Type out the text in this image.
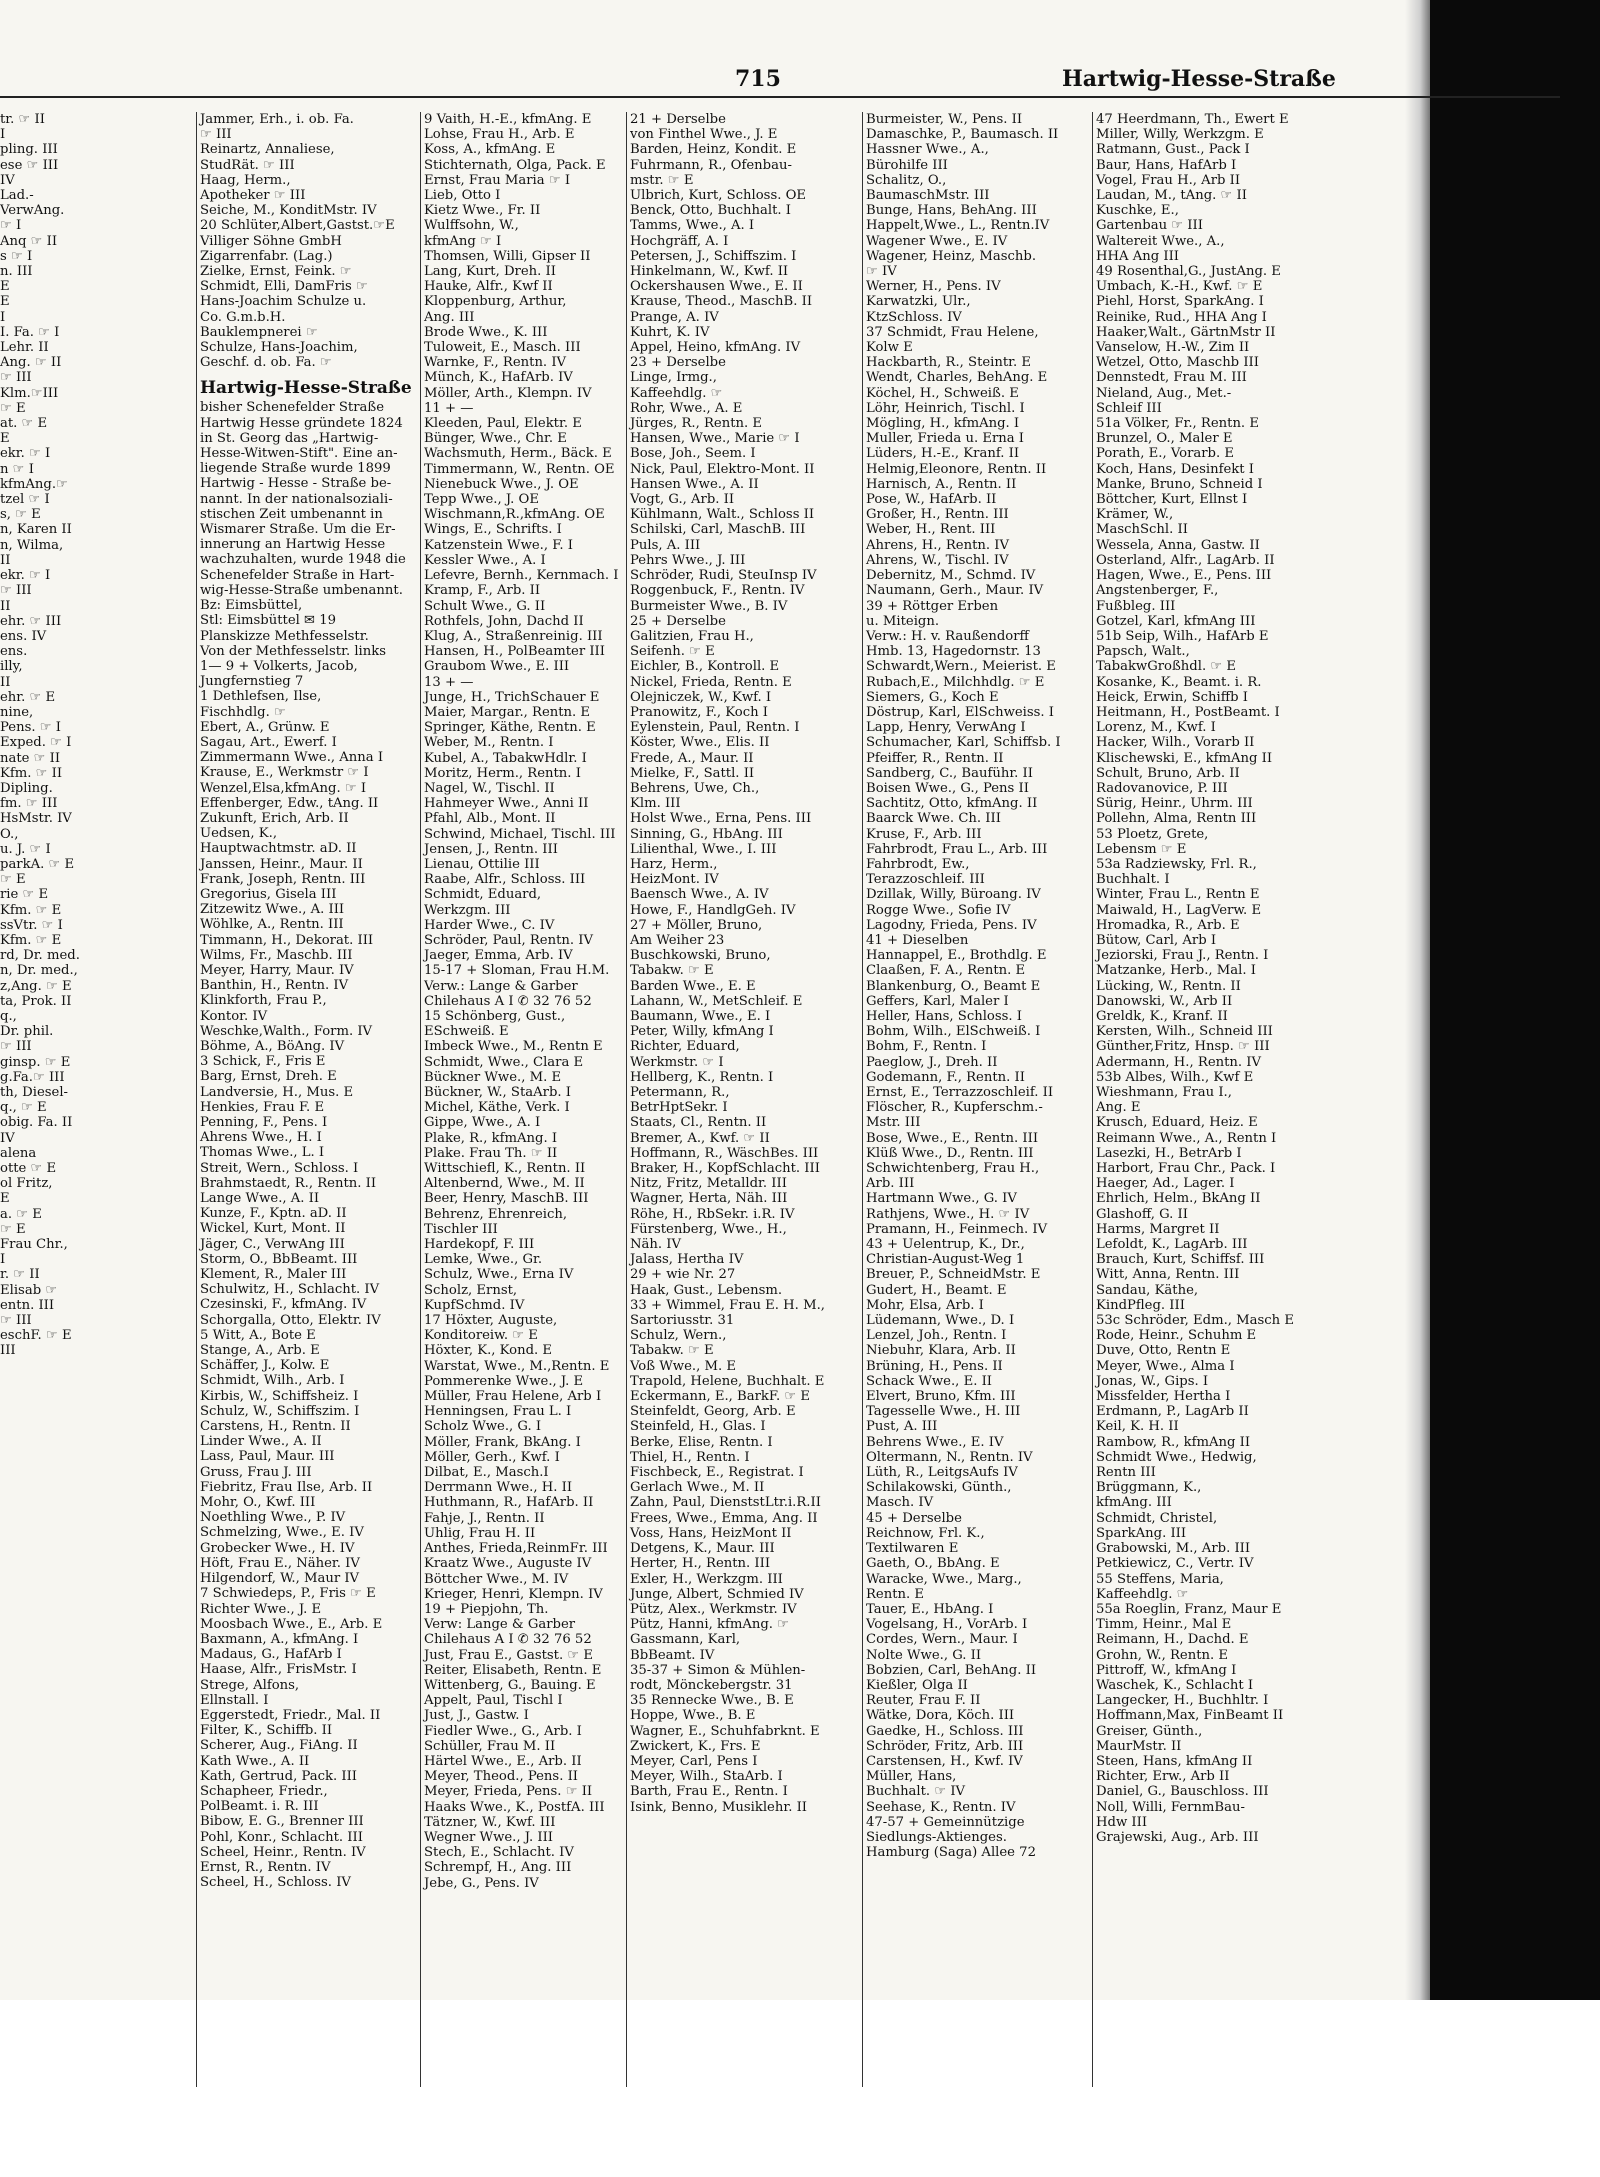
715	Hartwig-Hesse-Straße
tr. ☞ II
I
pling. III
ese ☞ III
IV
Lad.-
VerwAng.
☞ I
Anq ☞ II
s ☞ I
n. III
E
E
I
I. Fa. ☞ I
Lehr. II
Ang. ☞ II
☞ III
Klm.☞III
☞ E
at. ☞ E
E
ekr. ☞ I
n ☞ I
kfmAng.☞
tzel ☞ I
s, ☞ E
n, Karen II
n, Wilma,
II
ekr. ☞ I
☞ III
II
ehr. ☞ III
ens. IV
ens.
illy,
II
ehr. ☞ E
nine,
Pens. ☞ I
Exped. ☞ I
nate ☞ II
Kfm. ☞ II
Dipling.
fm. ☞ III
HsMstr. IV
O.,
u. J. ☞ I
parkA. ☞ E
☞ E
rie ☞ E
Kfm. ☞ E
ssVtr. ☞ I
Kfm. ☞ E
rd, Dr. med.
n, Dr. med.,
z,Ang. ☞ E
ta, Prok. II
q.,
Dr. phil.
☞ III
ginsp. ☞ E
g.Fa.☞ III
th, Diesel-
q., ☞ E
obig. Fa. II
IV
alena
otte ☞ E
ol Fritz,
E
a. ☞ E
☞ E
Frau Chr.,
I
r. ☞ II
Elisab ☞
entn. III
☞ III
eschF. ☞ E
III
Jammer, Erh., i. ob. Fa.
☞ III
Reinartz, Annaliese,
StudRät. ☞ III
Haag, Herm.,
Apotheker ☞ III
Seiche, M., KonditMstr. IV
20 Schlüter,Albert,Gastst.☞E
Villiger Söhne GmbH
Zigarrenfabr. (Lag.)
Zielke, Ernst, Feink. ☞
Schmidt, Elli, DamFris ☞
Hans-Joachim Schulze u.
Co. G.m.b.H.
Bauklempnerei ☞
Schulze, Hans-Joachim,
Geschf. d. ob. Fa. ☞
Hartwig-Hesse-Straße
bisher Schenefelder Straße
Hartwig Hesse gründete 1824
in St. Georg das „Hartwig-
Hesse-Witwen-Stift". Eine an-
liegende Straße wurde 1899
Hartwig - Hesse - Straße be-
nannt. In der nationalsoziali-
stischen Zeit umbenannt in
Wismarer Straße. Um die Er-
innerung an Hartwig Hesse
wachzuhalten, wurde 1948 die
Schenefelder Straße in Hart-
wig-Hesse-Straße umbenannt.
Bz: Eimsbüttel,
Stl: Eimsbüttel ✉ 19
Planskizze Methfesselstr.
Von der Methfesselstr. links
1— 9 + Volkerts, Jacob,
Jungfernstieg 7
1 Dethlefsen, Ilse,
Fischhdlg. ☞
Ebert, A., Grünw. E
Sagau, Art., Ewerf. I
Zimmermann Wwe., Anna I
Krause, E., Werkmstr ☞ I
Wenzel,Elsa,kfmAng. ☞ I
Effenberger, Edw., tAng. II
Zukunft, Erich, Arb. II
Uedsen, K.,
Hauptwachtmstr. aD. II
Janssen, Heinr., Maur. II
Frank, Joseph, Rentn. III
Gregorius, Gisela III
Zitzewitz Wwe., A. III
Wöhlke, A., Rentn. III
Timmann, H., Dekorat. III
Wilms, Fr., Maschb. III
Meyer, Harry, Maur. IV
Banthin, H., Rentn. IV
Klinkforth, Frau P.,
Kontor. IV
Weschke,Walth., Form. IV
Böhme, A., BöAng. IV
3 Schick, F., Fris E
Barg, Ernst, Dreh. E
Landversie, H., Mus. E
Henkies, Frau F. E
Penning, F., Pens. I
Ahrens Wwe., H. I
Thomas Wwe., L. I
Streit, Wern., Schloss. I
Brahmstaedt, R., Rentn. II
Lange Wwe., A. II
Kunze, F., Kptn. aD. II
Wickel, Kurt, Mont. II
Jäger, C., VerwAng III
Storm, O., BbBeamt. III
Klement, R., Maler III
Schulwitz, H., Schlacht. IV
Czesinski, F., kfmAng. IV
Schorgalla, Otto, Elektr. IV
5 Witt, A., Bote E
Stange, A., Arb. E
Schäffer, J., Kolw. E
Schmidt, Wilh., Arb. I
Kirbis, W., Schiffsheiz. I
Schulz, W., Schiffszim. I
Carstens, H., Rentn. II
Linder Wwe., A. II
Lass, Paul, Maur. III
Gruss, Frau J. III
Fiebritz, Frau Ilse, Arb. II
Mohr, O., Kwf. III
Noethling Wwe., P. IV
Schmelzing, Wwe., E. IV
Grobecker Wwe., H. IV
Höft, Frau E., Näher. IV
Hilgendorf, W., Maur IV
7 Schwiedeps, P., Fris ☞ E
Richter Wwe., J. E
Moosbach Wwe., E., Arb. E
Baxmann, A., kfmAng. I
Madaus, G., HafArb I
Haase, Alfr., FrisMstr. I
Strege, Alfons,
Ellnstall. I
Eggerstedt, Friedr., Mal. II
Filter, K., Schiffb. II
Scherer, Aug., FiAng. II
Kath Wwe., A. II
Kath, Gertrud, Pack. III
Schapheer, Friedr.,
PolBeamt. i. R. III
Bibow, E. G., Brenner III
Pohl, Konr., Schlacht. III
Scheel, Heinr., Rentn. IV
Ernst, R., Rentn. IV
Scheel, H., Schloss. IV
9 Vaith, H.-E., kfmAng. E
Lohse, Frau H., Arb. E
Koss, A., kfmAng. E
Stichternath, Olga, Pack. E
Ernst, Frau Maria ☞ I
Lieb, Otto I
Kietz Wwe., Fr. II
Wulffsohn, W.,
kfmAng ☞ I
Thomsen, Willi, Gipser II
Lang, Kurt, Dreh. II
Hauke, Alfr., Kwf II
Kloppenburg, Arthur,
Ang. III
Brode Wwe., K. III
Tuloweit, E., Masch. III
Warnke, F., Rentn. IV
Münch, K., HafArb. IV
Möller, Arth., Klempn. IV
11 + —
Kleeden, Paul, Elektr. E
Bünger, Wwe., Chr. E
Wachsmuth, Herm., Bäck. E
Timmermann, W., Rentn. OE
Nienebuck Wwe., J. OE
Tepp Wwe., J. OE
Wischmann,R.,kfmAng. OE
Wings, E., Schrifts. I
Katzenstein Wwe., F. I
Kessler Wwe., A. I
Lefevre, Bernh., Kernmach. I
Kramp, F., Arb. II
Schult Wwe., G. II
Rothfels, John, Dachd II
Klug, A., Straßenreinig. III
Hansen, H., PolBeamter III
Graubom Wwe., E. III
13 + —
Junge, H., TrichSchauer E
Maier, Margar., Rentn. E
Springer, Käthe, Rentn. E
Weber, M., Rentn. I
Kubel, A., TabakwHdlr. I
Moritz, Herm., Rentn. I
Nagel, W., Tischl. II
Hahmeyer Wwe., Anni II
Pfahl, Alb., Mont. II
Schwind, Michael, Tischl. III
Jensen, J., Rentn. III
Lienau, Ottilie III
Raabe, Alfr., Schloss. III
Schmidt, Eduard,
Werkzgm. III
Harder Wwe., C. IV
Schröder, Paul, Rentn. IV
Jaeger, Emma, Arb. IV
15-17 + Sloman, Frau H.M.
Verw.: Lange & Garber
Chilehaus A I ✆ 32 76 52
15 Schönberg, Gust.,
ESchweiß. E
Imbeck Wwe., M., Rentn E
Schmidt, Wwe., Clara E
Bückner Wwe., M. E
Bückner, W., StaArb. I
Michel, Käthe, Verk. I
Gippe, Wwe., A. I
Plake, R., kfmAng. I
Plake. Frau Th. ☞ II
Wittschiefl, K., Rentn. II
Altenbernd, Wwe., M. II
Beer, Henry, MaschB. III
Behrenz, Ehrenreich,
Tischler III
Hardekopf, F. III
Lemke, Wwe., Gr.
Schulz, Wwe., Erna IV
Scholz, Ernst,
KupfSchmd. IV
17 Höxter, Auguste,
Konditoreiw. ☞ E
Höxter, K., Kond. E
Warstat, Wwe., M.,Rentn. E
Pommerenke Wwe., J. E
Müller, Frau Helene, Arb I
Henningsen, Frau L. I
Scholz Wwe., G. I
Möller, Frank, BkAng. I
Möller, Gerh., Kwf. I
Dilbat, E., Masch.I
Derrmann Wwe., H. II
Huthmann, R., HafArb. II
Fahje, J., Rentn. II
Uhlig, Frau H. II
Anthes, Frieda,ReinmFr. III
Kraatz Wwe., Auguste IV
Böttcher Wwe., M. IV
Krieger, Henri, Klempn. IV
19 + Piepjohn, Th.
Verw: Lange & Garber
Chilehaus A I ✆ 32 76 52
Just, Frau E., Gastst. ☞ E
Reiter, Elisabeth, Rentn. E
Wittenberg, G., Bauing. E
Appelt, Paul, Tischl I
Just, J., Gastw. I
Fiedler Wwe., G., Arb. I
Schüller, Frau M. II
Härtel Wwe., E., Arb. II
Meyer, Theod., Pens. II
Meyer, Frieda, Pens. ☞ II
Haaks Wwe., K., PostfA. III
Tätzner, W., Kwf. III
Wegner Wwe., J. III
Stech, E., Schlacht. IV
Schrempf, H., Ang. III
Jebe, G., Pens. IV
21 + Derselbe
von Finthel Wwe., J. E
Barden, Heinz, Kondit. E
Fuhrmann, R., Ofenbau-
mstr. ☞ E
Ulbrich, Kurt, Schloss. OE
Benck, Otto, Buchhalt. I
Tamms, Wwe., A. I
Hochgräff, A. I
Petersen, J., Schiffszim. I
Hinkelmann, W., Kwf. II
Ockershausen Wwe., E. II
Krause, Theod., MaschB. II
Prange, A. IV
Kuhrt, K. IV
Appel, Heino, kfmAng. IV
23 + Derselbe
Linge, Irmg.,
Kaffeehdlg. ☞
Rohr, Wwe., A. E
Jürges, R., Rentn. E
Hansen, Wwe., Marie ☞ I
Bose, Joh., Seem. I
Nick, Paul, Elektro-Mont. II
Hansen Wwe., A. II
Vogt, G., Arb. II
Kühlmann, Walt., Schloss II
Schilski, Carl, MaschB. III
Puls, A. III
Pehrs Wwe., J. III
Schröder, Rudi, SteuInsp IV
Roggenbuck, F., Rentn. IV
Burmeister Wwe., B. IV
25 + Derselbe
Galitzien, Frau H.,
Seifenh. ☞ E
Eichler, B., Kontroll. E
Nickel, Frieda, Rentn. E
Olejniczek, W., Kwf. I
Pranowitz, F., Koch I
Eylenstein, Paul, Rentn. I
Köster, Wwe., Elis. II
Frede, A., Maur. II
Mielke, F., Sattl. II
Behrens, Uwe, Ch.,
Klm. III
Holst Wwe., Erna, Pens. III
Sinning, G., HbAng. III
Lilienthal, Wwe., I. III
Harz, Herm.,
HeizMont. IV
Baensch Wwe., A. IV
Howe, F., HandlgGeh. IV
27 + Möller, Bruno,
Am Weiher 23
Buschkowski, Bruno,
Tabakw. ☞ E
Barden Wwe., E. E
Lahann, W., MetSchleif. E
Baumann, Wwe., E. I
Peter, Willy, kfmAng I
Richter, Eduard,
Werkmstr. ☞ I
Hellberg, K., Rentn. I
Petermann, R.,
BetrHptSekr. I
Staats, Cl., Rentn. II
Bremer, A., Kwf. ☞ II
Hoffmann, R., WäschBes. III
Braker, H., KopfSchlacht. III
Nitz, Fritz, Metalldr. III
Wagner, Herta, Näh. III
Röhe, H., RbSekr. i.R. IV
Fürstenberg, Wwe., H.,
Näh. IV
Jalass, Hertha IV
29 + wie Nr. 27
Haak, Gust., Lebensm.
33 + Wimmel, Frau E. H. M.,
Sartoriusstr. 31
Schulz, Wern.,
Tabakw. ☞ E
Voß Wwe., M. E
Trapold, Helene, Buchhalt. E
Eckermann, E., BarkF. ☞ E
Steinfeldt, Georg, Arb. E
Steinfeld, H., Glas. I
Berke, Elise, Rentn. I
Thiel, H., Rentn. I
Fischbeck, E., Registrat. I
Gerlach Wwe., M. II
Zahn, Paul, DienststLtr.i.R.II
Frees, Wwe., Emma, Ang. II
Voss, Hans, HeizMont II
Detgens, K., Maur. III
Herter, H., Rentn. III
Exler, H., Werkzgm. III
Junge, Albert, Schmied IV
Pütz, Alex., Werkmstr. IV
Pütz, Hanni, kfmAng. ☞
Gassmann, Karl,
BbBeamt. IV
35-37 + Simon & Mühlen-
rodt, Mönckebergstr. 31
35 Rennecke Wwe., B. E
Hoppe, Wwe., B. E
Wagner, E., Schuhfabrknt. E
Zwickert, K., Frs. E
Meyer, Carl, Pens I
Meyer, Wilh., StaArb. I
Barth, Frau E., Rentn. I
Isink, Benno, Musiklehr. II
Burmeister, W., Pens. II
Damaschke, P., Baumasch. II
Hassner Wwe., A.,
Bürohilfe III
Schalitz, O.,
BaumaschMstr. III
Bunge, Hans, BehAng. III
Happelt,Wwe., L., Rentn.IV
Wagener Wwe., E. IV
Wagener, Heinz, Maschb.
☞ IV
Werner, H., Pens. IV
Karwatzki, Ulr.,
KtzSchloss. IV
37 Schmidt, Frau Helene,
Kolw E
Hackbarth, R., Steintr. E
Wendt, Charles, BehAng. E
Köchel, H., Schweiß. E
Löhr, Heinrich, Tischl. I
Mögling, H., kfmAng. I
Muller, Frieda u. Erna I
Lüders, H.-E., Kranf. II
Helmig,Eleonore, Rentn. II
Harnisch, A., Rentn. II
Pose, W., HafArb. II
Großer, H., Rentn. III
Weber, H., Rent. III
Ahrens, H., Rentn. IV
Ahrens, W., Tischl. IV
Debernitz, M., Schmd. IV
Naumann, Gerh., Maur. IV
39 + Röttger Erben
u. Miteign.
Verw.: H. v. Raußendorff
Hmb. 13, Hagedornstr. 13
Schwardt,Wern., Meierist. E
Rubach,E., Milchhdlg. ☞ E
Siemers, G., Koch E
Döstrup, Karl, ElSchweiss. I
Lapp, Henry, VerwAng I
Schumacher, Karl, Schiffsb. I
Pfeiffer, R., Rentn. II
Sandberg, C., Bauführ. II
Boisen Wwe., G., Pens II
Sachtitz, Otto, kfmAng. II
Baarck Wwe. Ch. III
Kruse, F., Arb. III
Fahrbrodt, Frau L., Arb. III
Fahrbrodt, Ew.,
Terazzoschleif. III
Dzillak, Willy, Büroang. IV
Rogge Wwe., Sofie IV
Lagodny, Frieda, Pens. IV
41 + Dieselben
Hannappel, E., Brothdlg. E
Claaßen, F. A., Rentn. E
Blankenburg, O., Beamt E
Geffers, Karl, Maler I
Heller, Hans, Schloss. I
Bohm, Wilh., ElSchweiß. I
Bohm, F., Rentn. I
Paeglow, J., Dreh. II
Godemann, F., Rentn. II
Ernst, E., Terrazzoschleif. II
Flöscher, R., Kupferschm.-
Mstr. III
Bose, Wwe., E., Rentn. III
Klüß Wwe., D., Rentn. III
Schwichtenberg, Frau H.,
Arb. III
Hartmann Wwe., G. IV
Rathjens, Wwe., H. ☞ IV
Pramann, H., Feinmech. IV
43 + Uelentrup, K., Dr.,
Christian-August-Weg 1
Breuer, P., SchneidMstr. E
Gudert, H., Beamt. E
Mohr, Elsa, Arb. I
Lüdemann, Wwe., D. I
Lenzel, Joh., Rentn. I
Niebuhr, Klara, Arb. II
Brüning, H., Pens. II
Schack Wwe., E. II
Elvert, Bruno, Kfm. III
Tagesselle Wwe., H. III
Pust, A. III
Behrens Wwe., E. IV
Oltermann, N., Rentn. IV
Lüth, R., LeitgsAufs IV
Schilakowski, Günth.,
Masch. IV
45 + Derselbe
Reichnow, Frl. K.,
Textilwaren E
Gaeth, O., BbAng. E
Waracke, Wwe., Marg.,
Rentn. E
Tauer, E., HbAng. I
Vogelsang, H., VorArb. I
Cordes, Wern., Maur. I
Nolte Wwe., G. II
Bobzien, Carl, BehAng. II
Kießler, Olga II
Reuter, Frau F. II
Wätke, Dora, Köch. III
Gaedke, H., Schloss. III
Schröder, Fritz, Arb. III
Carstensen, H., Kwf. IV
Müller, Hans,
Buchhalt. ☞ IV
Seehase, K., Rentn. IV
47-57 + Gemeinnützige
Siedlungs-Aktienges.
Hamburg (Saga) Allee 72
47 Heerdmann, Th., Ewert E
Miller, Willy, Werkzgm. E
Ratmann, Gust., Pack I
Baur, Hans, HafArb I
Vogel, Frau H., Arb II
Laudan, M., tAng. ☞ II
Kuschke, E.,
Gartenbau ☞ III
Waltereit Wwe., A.,
HHA Ang III
49 Rosenthal,G., JustAng. E
Umbach, K.-H., Kwf. ☞ E
Piehl, Horst, SparkAng. I
Reinike, Rud., HHA Ang I
Haaker,Walt., GärtnMstr II
Vanselow, H.-W., Zim II
Wetzel, Otto, Maschb III
Dennstedt, Frau M. III
Nieland, Aug., Met.-
Schleif III
51a Völker, Fr., Rentn. E
Brunzel, O., Maler E
Porath, E., Vorarb. E
Koch, Hans, Desinfekt I
Manke, Bruno, Schneid I
Böttcher, Kurt, Ellnst I
Krämer, W.,
MaschSchl. II
Wessela, Anna, Gastw. II
Osterland, Alfr., LagArb. II
Hagen, Wwe., E., Pens. III
Angstenberger, F.,
Fußbleg. III
Gotzel, Karl, kfmAng III
51b Seip, Wilh., HafArb E
Papsch, Walt.,
TabakwGroßhdl. ☞ E
Kosanke, K., Beamt. i. R.
Heick, Erwin, Schiffb I
Heitmann, H., PostBeamt. I
Lorenz, M., Kwf. I
Hacker, Wilh., Vorarb II
Klischewski, E., kfmAng II
Schult, Bruno, Arb. II
Radovanovice, P. III
Sürig, Heinr., Uhrm. III
Pollehn, Alma, Rentn III
53 Ploetz, Grete,
Lebensm ☞ E
53a Radziewsky, Frl. R.,
Buchhalt. I
Winter, Frau L., Rentn E
Maiwald, H., LagVerw. E
Hromadka, R., Arb. E
Bütow, Carl, Arb I
Jeziorski, Frau J., Rentn. I
Matzanke, Herb., Mal. I
Lücking, W., Rentn. II
Danowski, W., Arb II
Greldk, K., Kranf. II
Kersten, Wilh., Schneid III
Günther,Fritz, Hnsp. ☞ III
Adermann, H., Rentn. IV
53b Albes, Wilh., Kwf E
Wieshmann, Frau I.,
Ang. E
Krusch, Eduard, Heiz. E
Reimann Wwe., A., Rentn I
Lasezki, H., BetrArb I
Harbort, Frau Chr., Pack. I
Haeger, Ad., Lager. I
Ehrlich, Helm., BkAng II
Glashoff, G. II
Harms, Margret II
Lefoldt, K., LagArb. III
Brauch, Kurt, Schiffsf. III
Witt, Anna, Rentn. III
Sandau, Käthe,
KindPfleg. III
53c Schröder, Edm., Masch E
Rode, Heinr., Schuhm E
Duve, Otto, Rentn E
Meyer, Wwe., Alma I
Jonas, W., Gips. I
Missfelder, Hertha I
Erdmann, P., LagArb II
Keil, K. H. II
Rambow, R., kfmAng II
Schmidt Wwe., Hedwig,
Rentn III
Brüggmann, K.,
kfmAng. III
Schmidt, Christel,
SparkAng. III
Grabowski, M., Arb. III
Petkiewicz, C., Vertr. IV
55 Steffens, Maria,
Kaffeehdlg. ☞
55a Roeglin, Franz, Maur E
Timm, Heinr., Mal E
Reimann, H., Dachd. E
Grohn, W., Rentn. E
Pittroff, W., kfmAng I
Waschek, K., Schlacht I
Langecker, H., Buchhltr. I
Hoffmann,Max, FinBeamt II
Greiser, Günth.,
MaurMstr. II
Steen, Hans, kfmAng II
Richter, Erw., Arb II
Daniel, G., Bauschloss. III
Noll, Willi, FernmBau-
Hdw III
Grajewski, Aug., Arb. III
